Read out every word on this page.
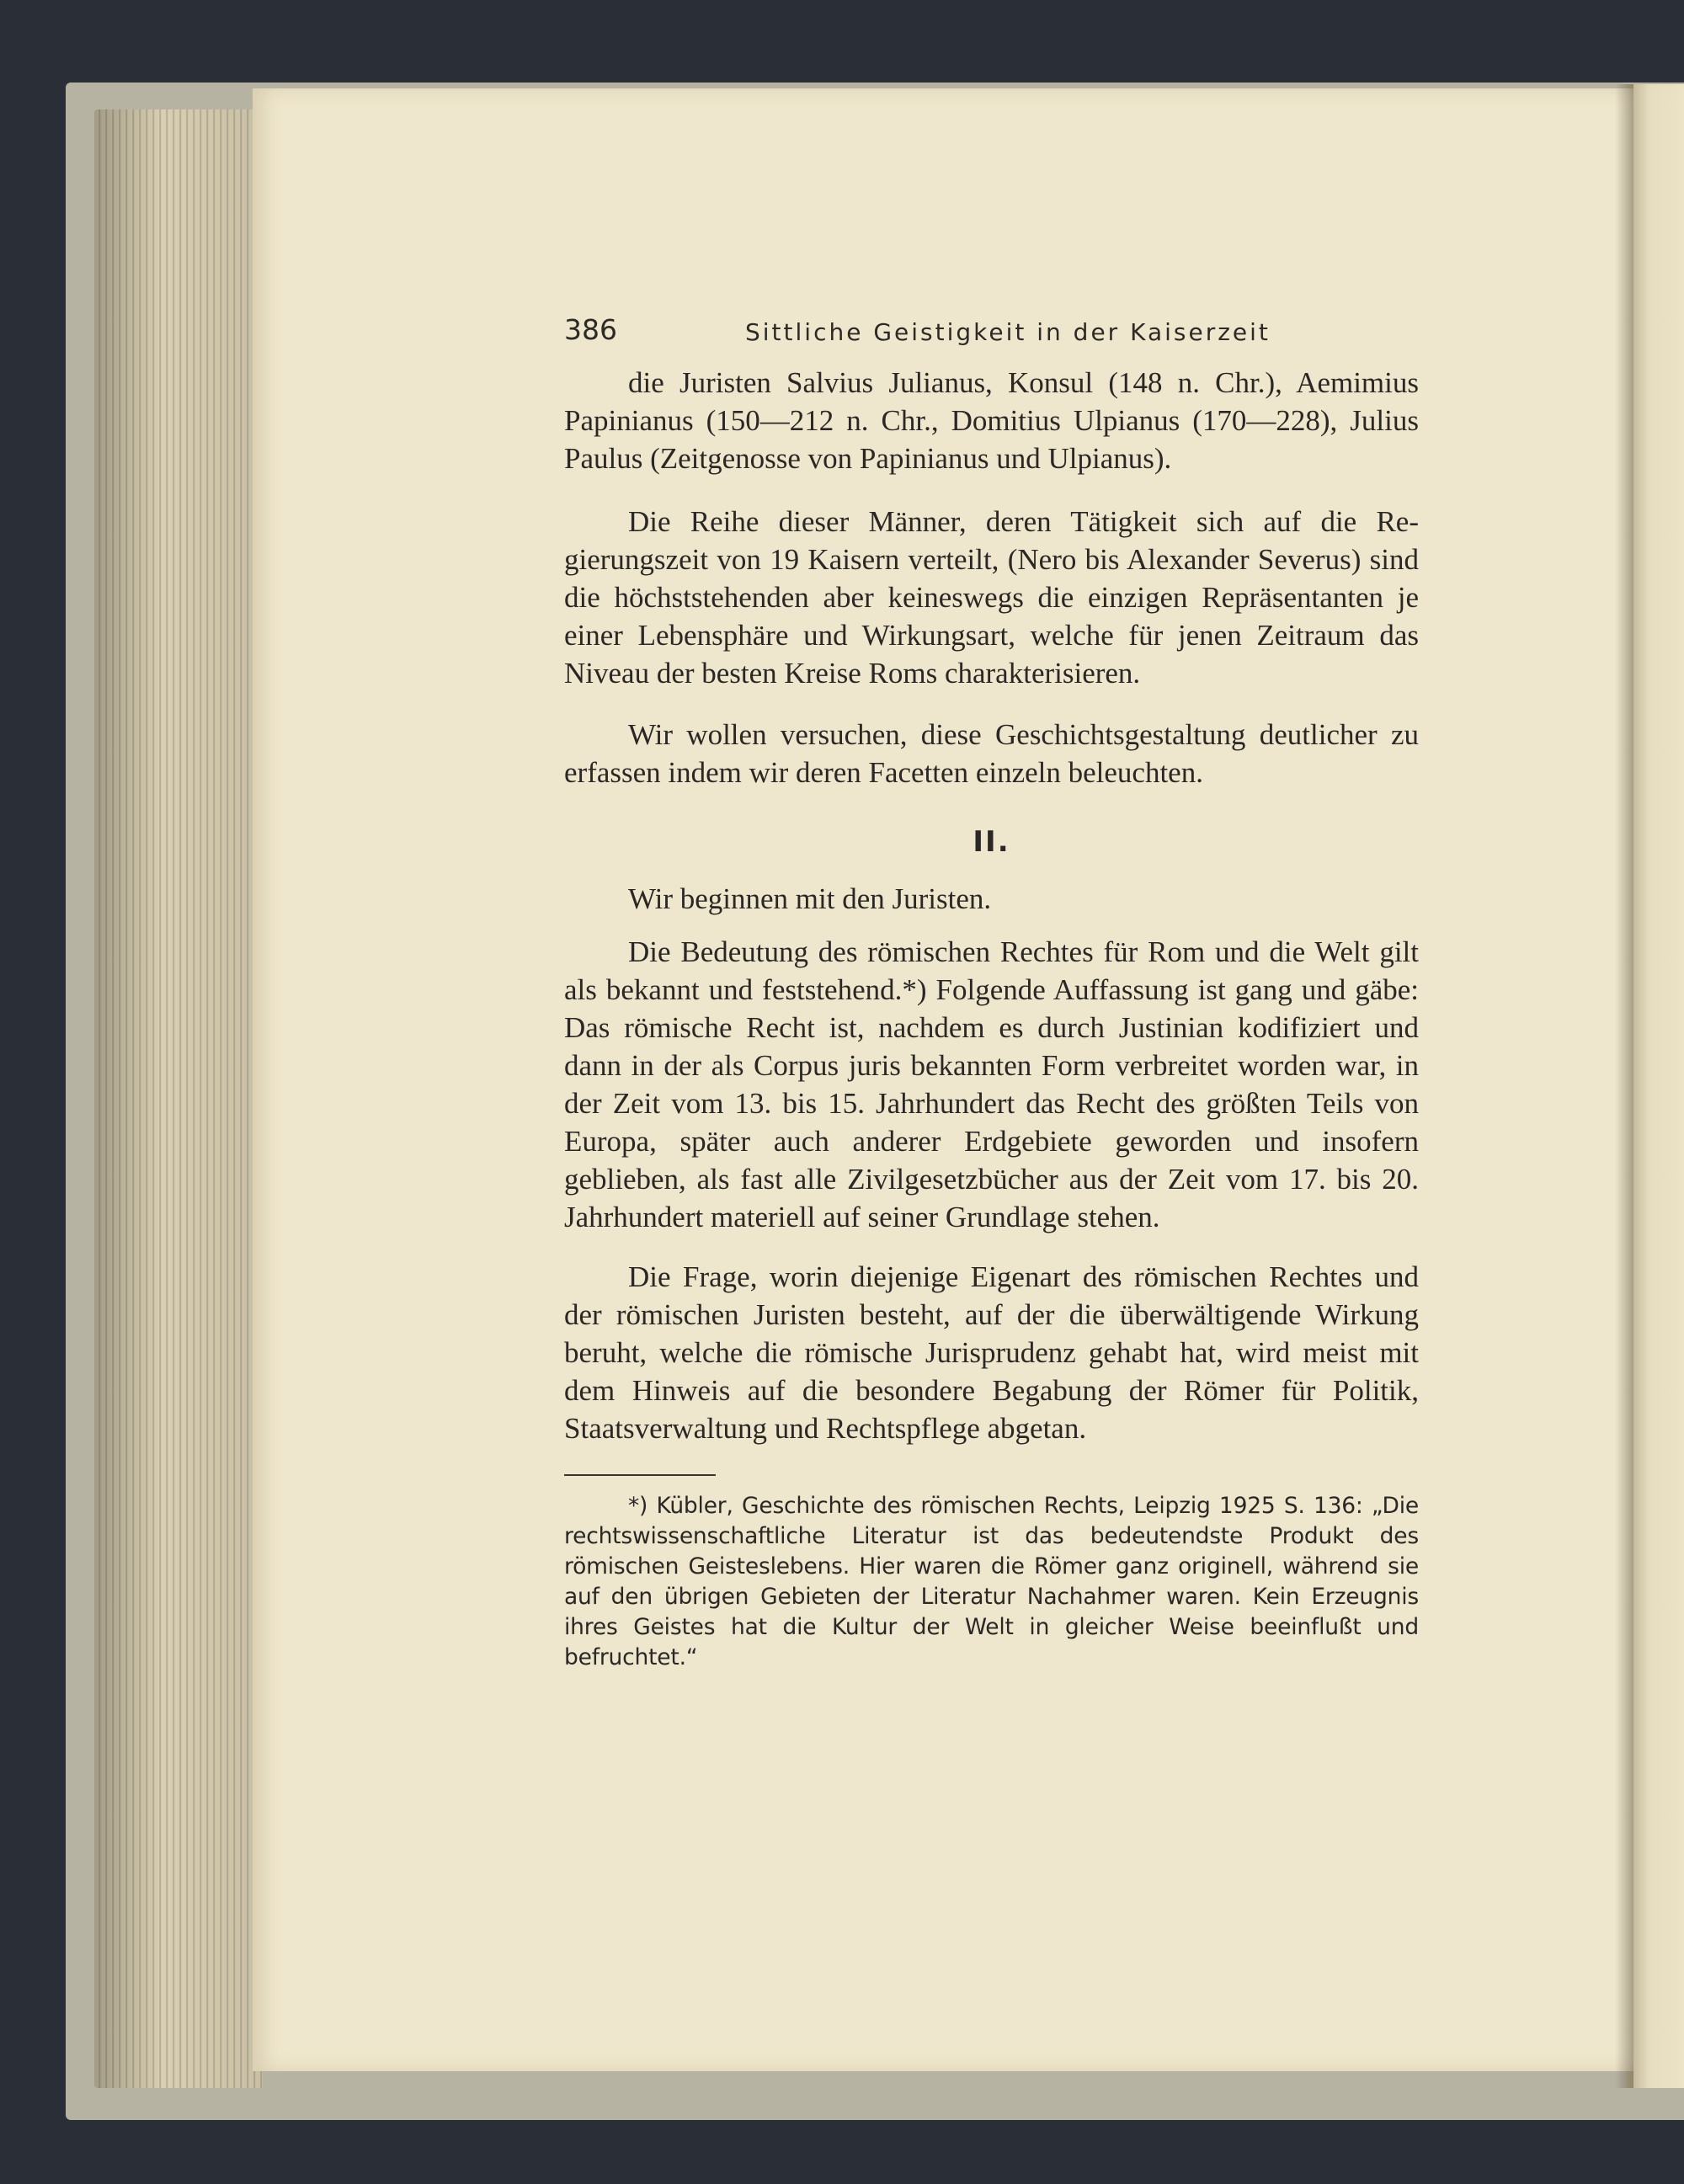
386	Sittliche Geistigkeit in der Kaiserzeit

die Juristen Salvius Julianus, Konsul (148 n. Chr.), Aemimius Papinianus (150—212 n. Chr., Domitius Ulpianus (170—228), Julius Paulus (Zeitgenosse von Papinianus und Ulpianus).

Die Reihe dieser Männer, deren Tätigkeit sich auf die Regierungszeit von 19 Kaisern verteilt, (Nero bis Alexander Severus) sind die höchststehenden aber keineswegs die einzigen Repräsentanten je einer Lebensphäre und Wirkungsart, welche für jenen Zeitraum das Niveau der besten Kreise Roms charakterisieren.

Wir wollen versuchen, diese Geschichtsgestaltung deutlicher zu erfassen indem wir deren Facetten einzeln beleuchten.

II.

Wir beginnen mit den Juristen.

Die Bedeutung des römischen Rechtes für Rom und die Welt gilt als bekannt und feststehend.*) Folgende Auffassung ist gang und gäbe: Das römische Recht ist, nachdem es durch Justinian kodifiziert und dann in der als Corpus juris bekannten Form verbreitet worden war, in der Zeit vom 13. bis 15. Jahrhundert das Recht des größten Teils von Europa, später auch anderer Erdgebiete geworden und insofern geblieben, als fast alle Zivilgesetzbücher aus der Zeit vom 17. bis 20. Jahrhundert materiell auf seiner Grundlage stehen.

Die Frage, worin diejenige Eigenart des römischen Rechtes und der römischen Juristen besteht, auf der die überwältigende Wirkung beruht, welche die römische Jurisprudenz gehabt hat, wird meist mit dem Hinweis auf die besondere Begabung der Römer für Politik, Staatsverwaltung und Rechtspflege abgetan.

*) Kübler, Geschichte des römischen Rechts, Leipzig 1925 S. 136: „Die rechtswissenschaftliche Literatur ist das bedeutendste Produkt des römischen Geisteslebens. Hier waren die Römer ganz originell, während sie auf den übrigen Gebieten der Literatur Nachahmer waren. Kein Erzeugnis ihres Geistes hat die Kultur der Welt in gleicher Weise beeinflußt und befruchtet.“
